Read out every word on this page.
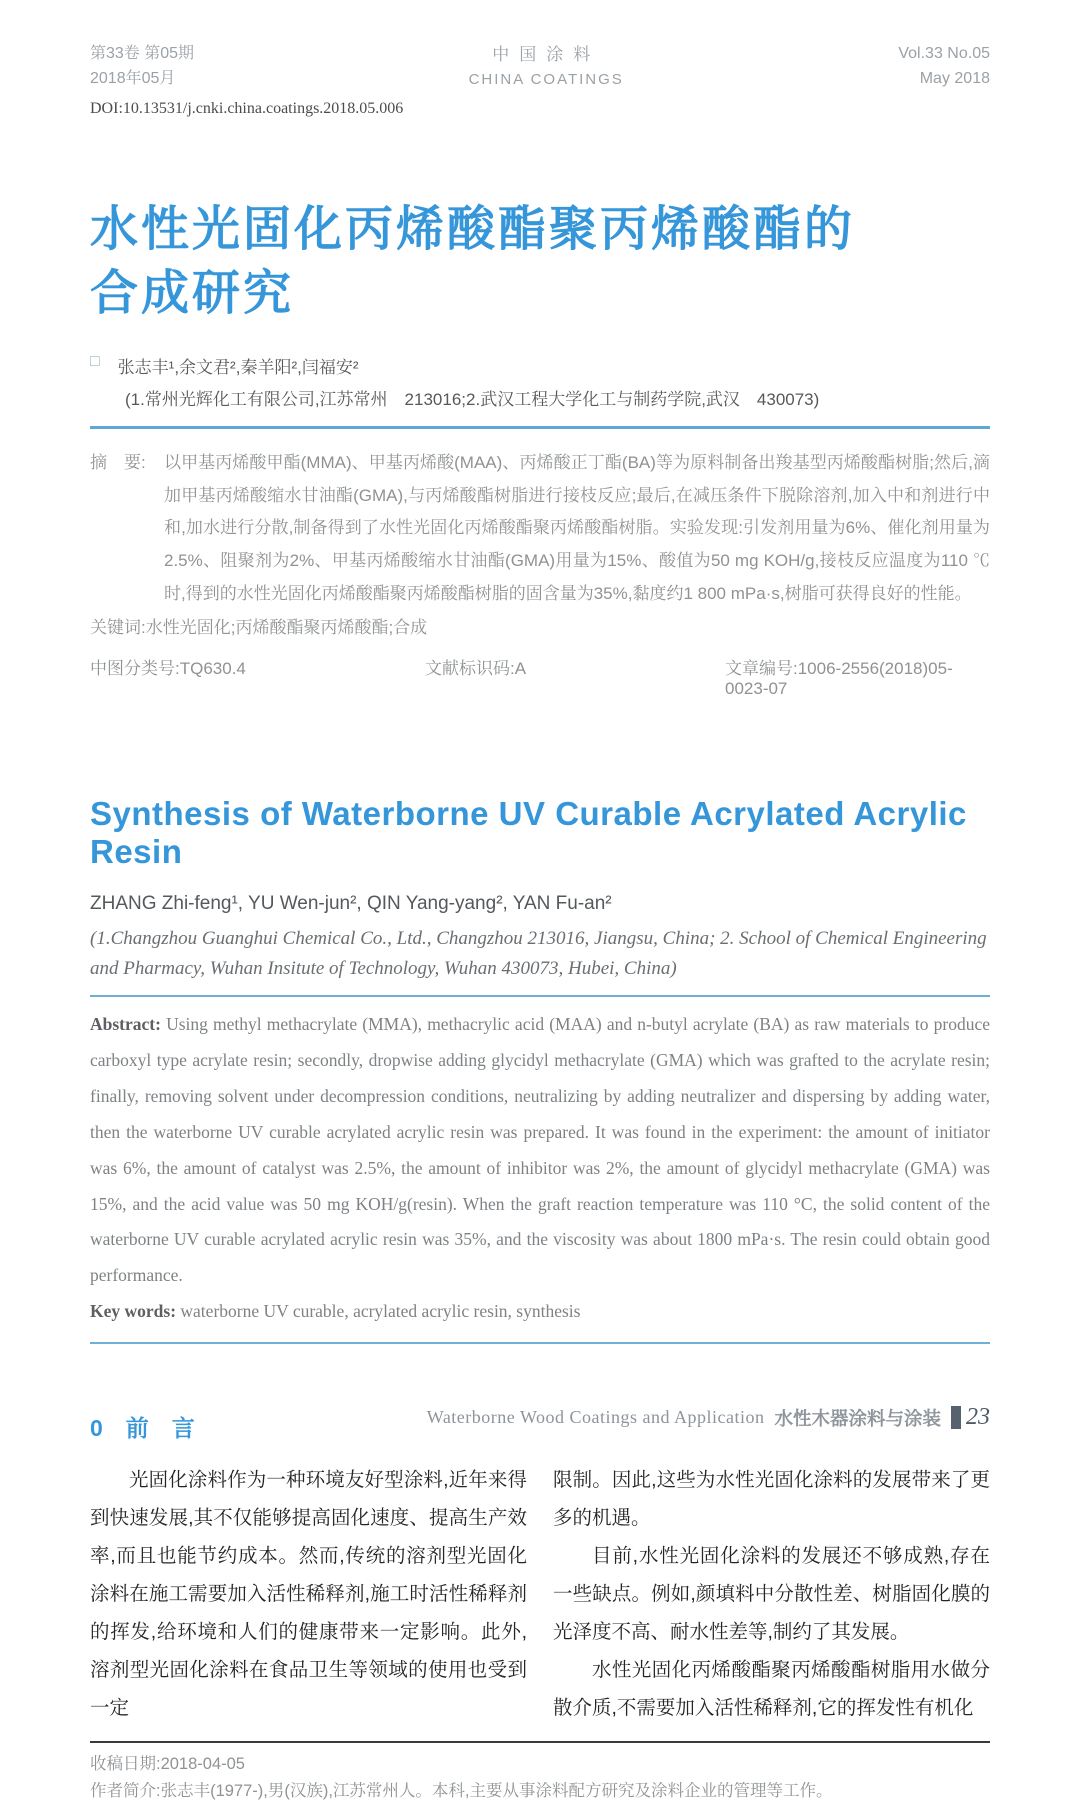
第33卷 第05期
2018年05月
中国涂料
CHINA COATINGS
Vol.33 No.05
May 2018
DOI:10.13531/j.cnki.china.coatings.2018.05.006
水性光固化丙烯酸酯聚丙烯酸酯的
合成研究
□ 张志丰¹,余文君²,秦羊阳²,闫福安²
(1.常州光辉化工有限公司,江苏常州　213016;2.武汉工程大学化工与制药学院,武汉　430073)
摘　要:	以甲基丙烯酸甲酯(MMA)、甲基丙烯酸(MAA)、丙烯酸正丁酯(BA)等为原料制备出羧基型丙烯酸酯树脂;然后,滴加甲基丙烯酸缩水甘油酯(GMA),与丙烯酸酯树脂进行接枝反应;最后,在减压条件下脱除溶剂,加入中和剂进行中和,加水进行分散,制备得到了水性光固化丙烯酸酯聚丙烯酸酯树脂。实验发现:引发剂用量为6%、催化剂用量为2.5%、阻聚剂为2%、甲基丙烯酸缩水甘油酯(GMA)用量为15%、酸值为50 mg KOH/g,接枝反应温度为110 ℃时,得到的水性光固化丙烯酸酯聚丙烯酸酯树脂的固含量为35%,黏度约1 800 mPa·s,树脂可获得良好的性能。
关键词:水性光固化;丙烯酸酯聚丙烯酸酯;合成
中图分类号:TQ630.4	文献标识码:A	文章编号:1006-2556(2018)05-0023-07
Synthesis of Waterborne UV Curable Acrylated Acrylic Resin
ZHANG Zhi-feng¹, YU Wen-jun², QIN Yang-yang², YAN Fu-an²
(1.Changzhou Guanghui Chemical Co., Ltd., Changzhou 213016, Jiangsu, China; 2. School of Chemical Engineering and Pharmacy, Wuhan Insitute of Technology, Wuhan 430073, Hubei, China)
Abstract: Using methyl methacrylate (MMA), methacrylic acid (MAA) and n-butyl acrylate (BA) as raw materials to produce carboxyl type acrylate resin; secondly, dropwise adding glycidyl methacrylate (GMA) which was grafted to the acrylate resin; finally, removing solvent under decompression conditions, neutralizing by adding neutralizer and dispersing by adding water, then the waterborne UV curable acrylated acrylic resin was prepared. It was found in the experiment: the amount of initiator was 6%, the amount of catalyst was 2.5%, the amount of inhibitor was 2%, the amount of glycidyl methacrylate (GMA) was 15%, and the acid value was 50 mg KOH/g(resin). When the graft reaction temperature was 110 °C, the solid content of the waterborne UV curable acrylated acrylic resin was 35%, and the viscosity was about 1800 mPa·s. The resin could obtain good performance.
Key words: waterborne UV curable, acrylated acrylic resin, synthesis
0　前　言

光固化涂料作为一种环境友好型涂料,近年来得到快速发展,其不仅能够提高固化速度、提高生产效率,而且也能节约成本。然而,传统的溶剂型光固化涂料在施工需要加入活性稀释剂,施工时活性稀释剂的挥发,给环境和人们的健康带来一定影响。此外,溶剂型光固化涂料在食品卫生等领域的使用也受到一定

限制。因此,这些为水性光固化涂料的发展带来了更多的机遇。

目前,水性光固化涂料的发展还不够成熟,存在一些缺点。例如,颜填料中分散性差、树脂固化膜的光泽度不高、耐水性差等,制约了其发展。

水性光固化丙烯酸酯聚丙烯酸酯树脂用水做分散介质,不需要加入活性稀释剂,它的挥发性有机化

收稿日期:2018-04-05
作者简介:张志丰(1977-),男(汉族),江苏常州人。本科,主要从事涂料配方研究及涂料企业的管理等工作。
Waterborne Wood Coatings and Application 水性木器涂料与涂装 23
